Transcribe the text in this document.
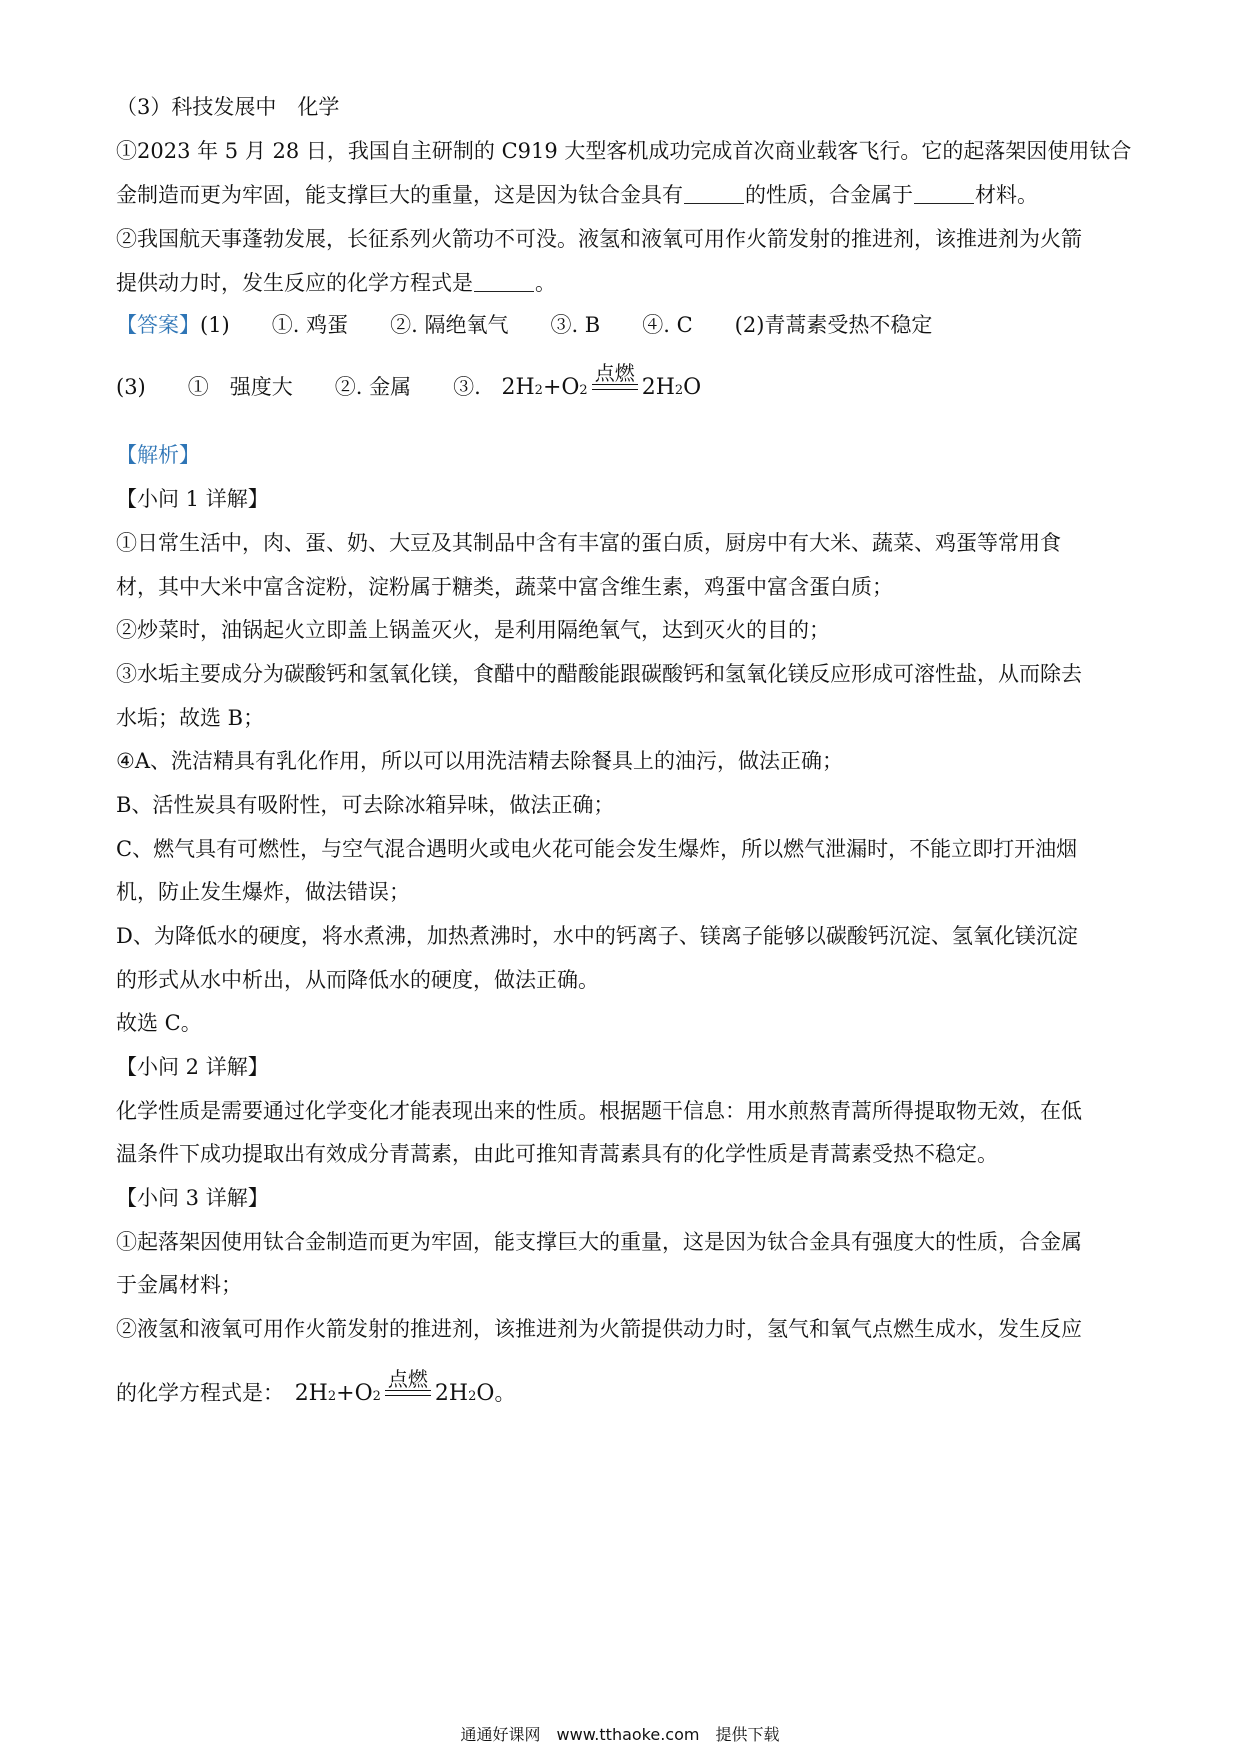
（3）科技发展中　化学
①2023 年 5 月 28 日，我国自主研制的 C919 大型客机成功完成首次商业载客飞行。它的起落架因使用钛合
金制造而更为牢固，能支撑巨大的重量，这是因为钛合金具有	的性质，合金属于	材料。
②我国航天事蓬勃发展，长征系列火箭功不可没。液氢和液氧可用作火箭发射的推进剂，该推进剂为火箭
提供动力时，发生反应的化学方程式是	。
【答案】(1)　　①. 鸡蛋　　②. 隔绝氧气　　③. B　　④. C　　(2)青蒿素受热不稳定
(3)　　①　强度大　　②. 金属　　③. 2H 2 +O 2
点燃
2H 2 O
【解析】
【小问 1 详解】
①日常生活中，肉、蛋、奶、大豆及其制品中含有丰富的蛋白质，厨房中有大米、蔬菜、鸡蛋等常用食
材，其中大米中富含淀粉，淀粉属于糖类，蔬菜中富含维生素，鸡蛋中富含蛋白质；
②炒菜时，油锅起火立即盖上锅盖灭火，是利用隔绝氧气，达到灭火的目的；
③水垢主要成分为碳酸钙和氢氧化镁，食醋中的醋酸能跟碳酸钙和氢氧化镁反应形成可溶性盐，从而除去
水垢；故选 B；
④A、洗洁精具有乳化作用，所以可以用洗洁精去除餐具上的油污，做法正确；
B、活性炭具有吸附性，可去除冰箱异味，做法正确；
C、燃气具有可燃性，与空气混合遇明火或电火花可能会发生爆炸，所以燃气泄漏时，不能立即打开油烟
机，防止发生爆炸，做法错误；
D、为降低水的硬度，将水煮沸，加热煮沸时，水中的钙离子、镁离子能够以碳酸钙沉淀、氢氧化镁沉淀
的形式从水中析出，从而降低水的硬度，做法正确。
故选 C。
【小问 2 详解】
化学性质是需要通过化学变化才能表现出来的性质。根据题干信息：用水煎熬青蒿所得提取物无效，在低
温条件下成功提取出有效成分青蒿素，由此可推知青蒿素具有的化学性质是青蒿素受热不稳定。
【小问 3 详解】
①起落架因使用钛合金制造而更为牢固，能支撑巨大的重量，这是因为钛合金具有强度大的性质，合金属
于金属材料；
②液氢和液氧可用作火箭发射的推进剂，该推进剂为火箭提供动力时，氢气和氧气点燃生成水，发生反应
的化学方程式是： 2H 2 +O 2
点燃
2H 2 O 。
通通好课网　www.tthaoke.com　提供下载
